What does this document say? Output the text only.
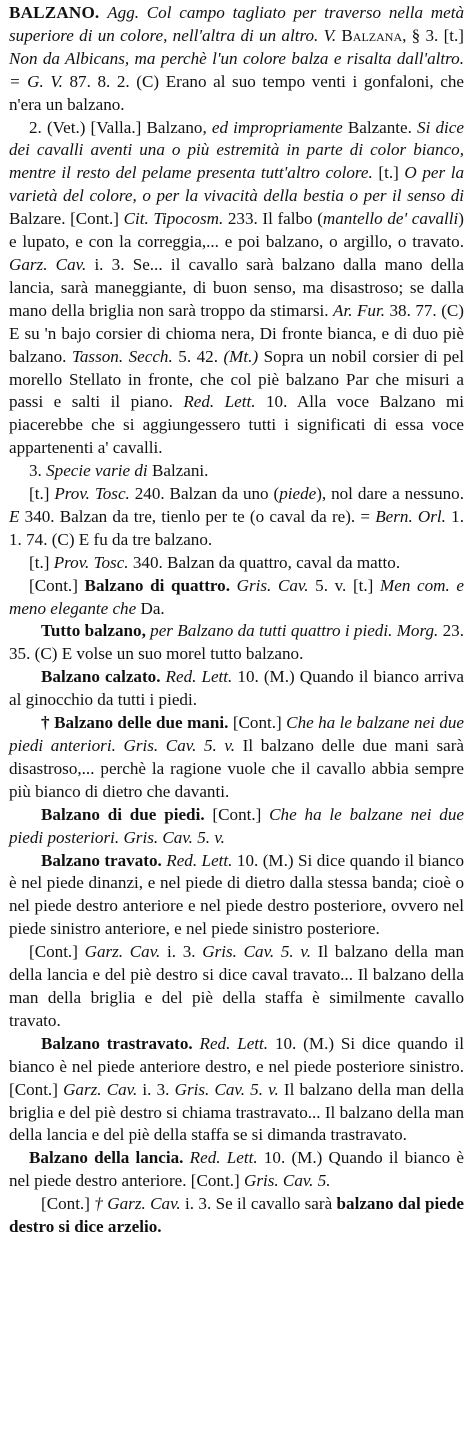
BALZANO. Agg. Col campo tagliato per traverso nella metà superiore di un colore, nell'altra di un altro. V. Balzana, § 3. [t.] Non da Albicans, ma perchè l'un colore balza e risalta dall'altro. = G. V. 87. 8. 2. (C) Erano al suo tempo venti i gonfaloni, che n'era un balzano.

2. (Vet.) [Valla.] Balzano, ed impropriamente Balzante. Si dice dei cavalli aventi una o più estremità in parte di color bianco, mentre il resto del pelame presenta tutt'altro colore. [t.] O per la varietà del colore, o per la vivacità della bestia o per il senso di Balzare. [Cont.] Cit. Tipocosm. 233. Il falbo (mantello de' cavalli) e lupato, e con la correggia,... e poi balzano, o argillo, o travato. Garz. Cav. i. 3. Se... il cavallo sarà balzano dalla mano della lancia, sarà maneggiante, di buon senso, ma disastroso; se dalla mano della briglia non sarà troppo da stimarsi. Ar. Fur. 38. 77. (C) E su 'n bajo corsier di chioma nera, Di fronte bianca, e di duo piè balzano. Tasson. Secch. 5. 42. (Mt.) Sopra un nobil corsier di pel morello Stellato in fronte, che col piè balzano Par che misuri a passi e salti il piano. Red. Lett. 10. Alla voce Balzano mi piacerebbe che si aggiungessero tutti i significati di essa voce appartenenti a' cavalli.

3. Specie varie di Balzani.

[t.] Prov. Tosc. 240. Balzan da uno (piede), nol dare a nessuno. E 340. Balzan da tre, tienlo per te (o caval da re). = Bern. Orl. 1. 1. 74. (C) E fu da tre balzano.

[t.] Prov. Tosc. 340. Balzan da quattro, caval da matto.

[Cont.] Balzano di quattro. Gris. Cav. 5. v. [t.] Men com. e meno elegante che Da.

Tutto balzano, per Balzano da tutti quattro i piedi. Morg. 23. 35. (C) E volse un suo morel tutto balzano.

Balzano calzato. Red. Lett. 10. (M.) Quando il bianco arriva al ginocchio da tutti i piedi.

† Balzano delle due mani. [Cont.] Che ha le balzane nei due piedi anteriori. Gris. Cav. 5. v. Il balzano delle due mani sarà disastroso,... perchè la ragione vuole che il cavallo abbia sempre più bianco di dietro che davanti.

Balzano di due piedi. [Cont.] Che ha le balzane nei due piedi posteriori. Gris. Cav. 5. v.

Balzano travato. Red. Lett. 10. (M.) Si dice quando il bianco è nel piede dinanzi, e nel piede di dietro dalla stessa banda; cioè o nel piede destro anteriore e nel piede destro posteriore, ovvero nel piede sinistro anteriore, e nel piede sinistro posteriore.

[Cont.] Garz. Cav. i. 3. Gris. Cav. 5. v. Il balzano della man della lancia e del piè destro si dice caval travato... Il balzano della man della briglia e del piè della staffa è similmente cavallo travato.

Balzano trastravato. Red. Lett. 10. (M.) Si dice quando il bianco è nel piede anteriore destro, e nel piede posteriore sinistro. [Cont.] Garz. Cav. i. 3. Gris. Cav. 5. v. Il balzano della man della briglia e del piè destro si chiama trastravato... Il balzano della man della lancia e del piè della staffa se si dimanda trastravato.

Balzano della lancia. Red. Lett. 10. (M.) Quando il bianco è nel piede destro anteriore. [Cont.] Gris. Cav. 5.

[Cont.] † Garz. Cav. i. 3. Se il cavallo sarà balzano dal piede destro si dice arzelio.
